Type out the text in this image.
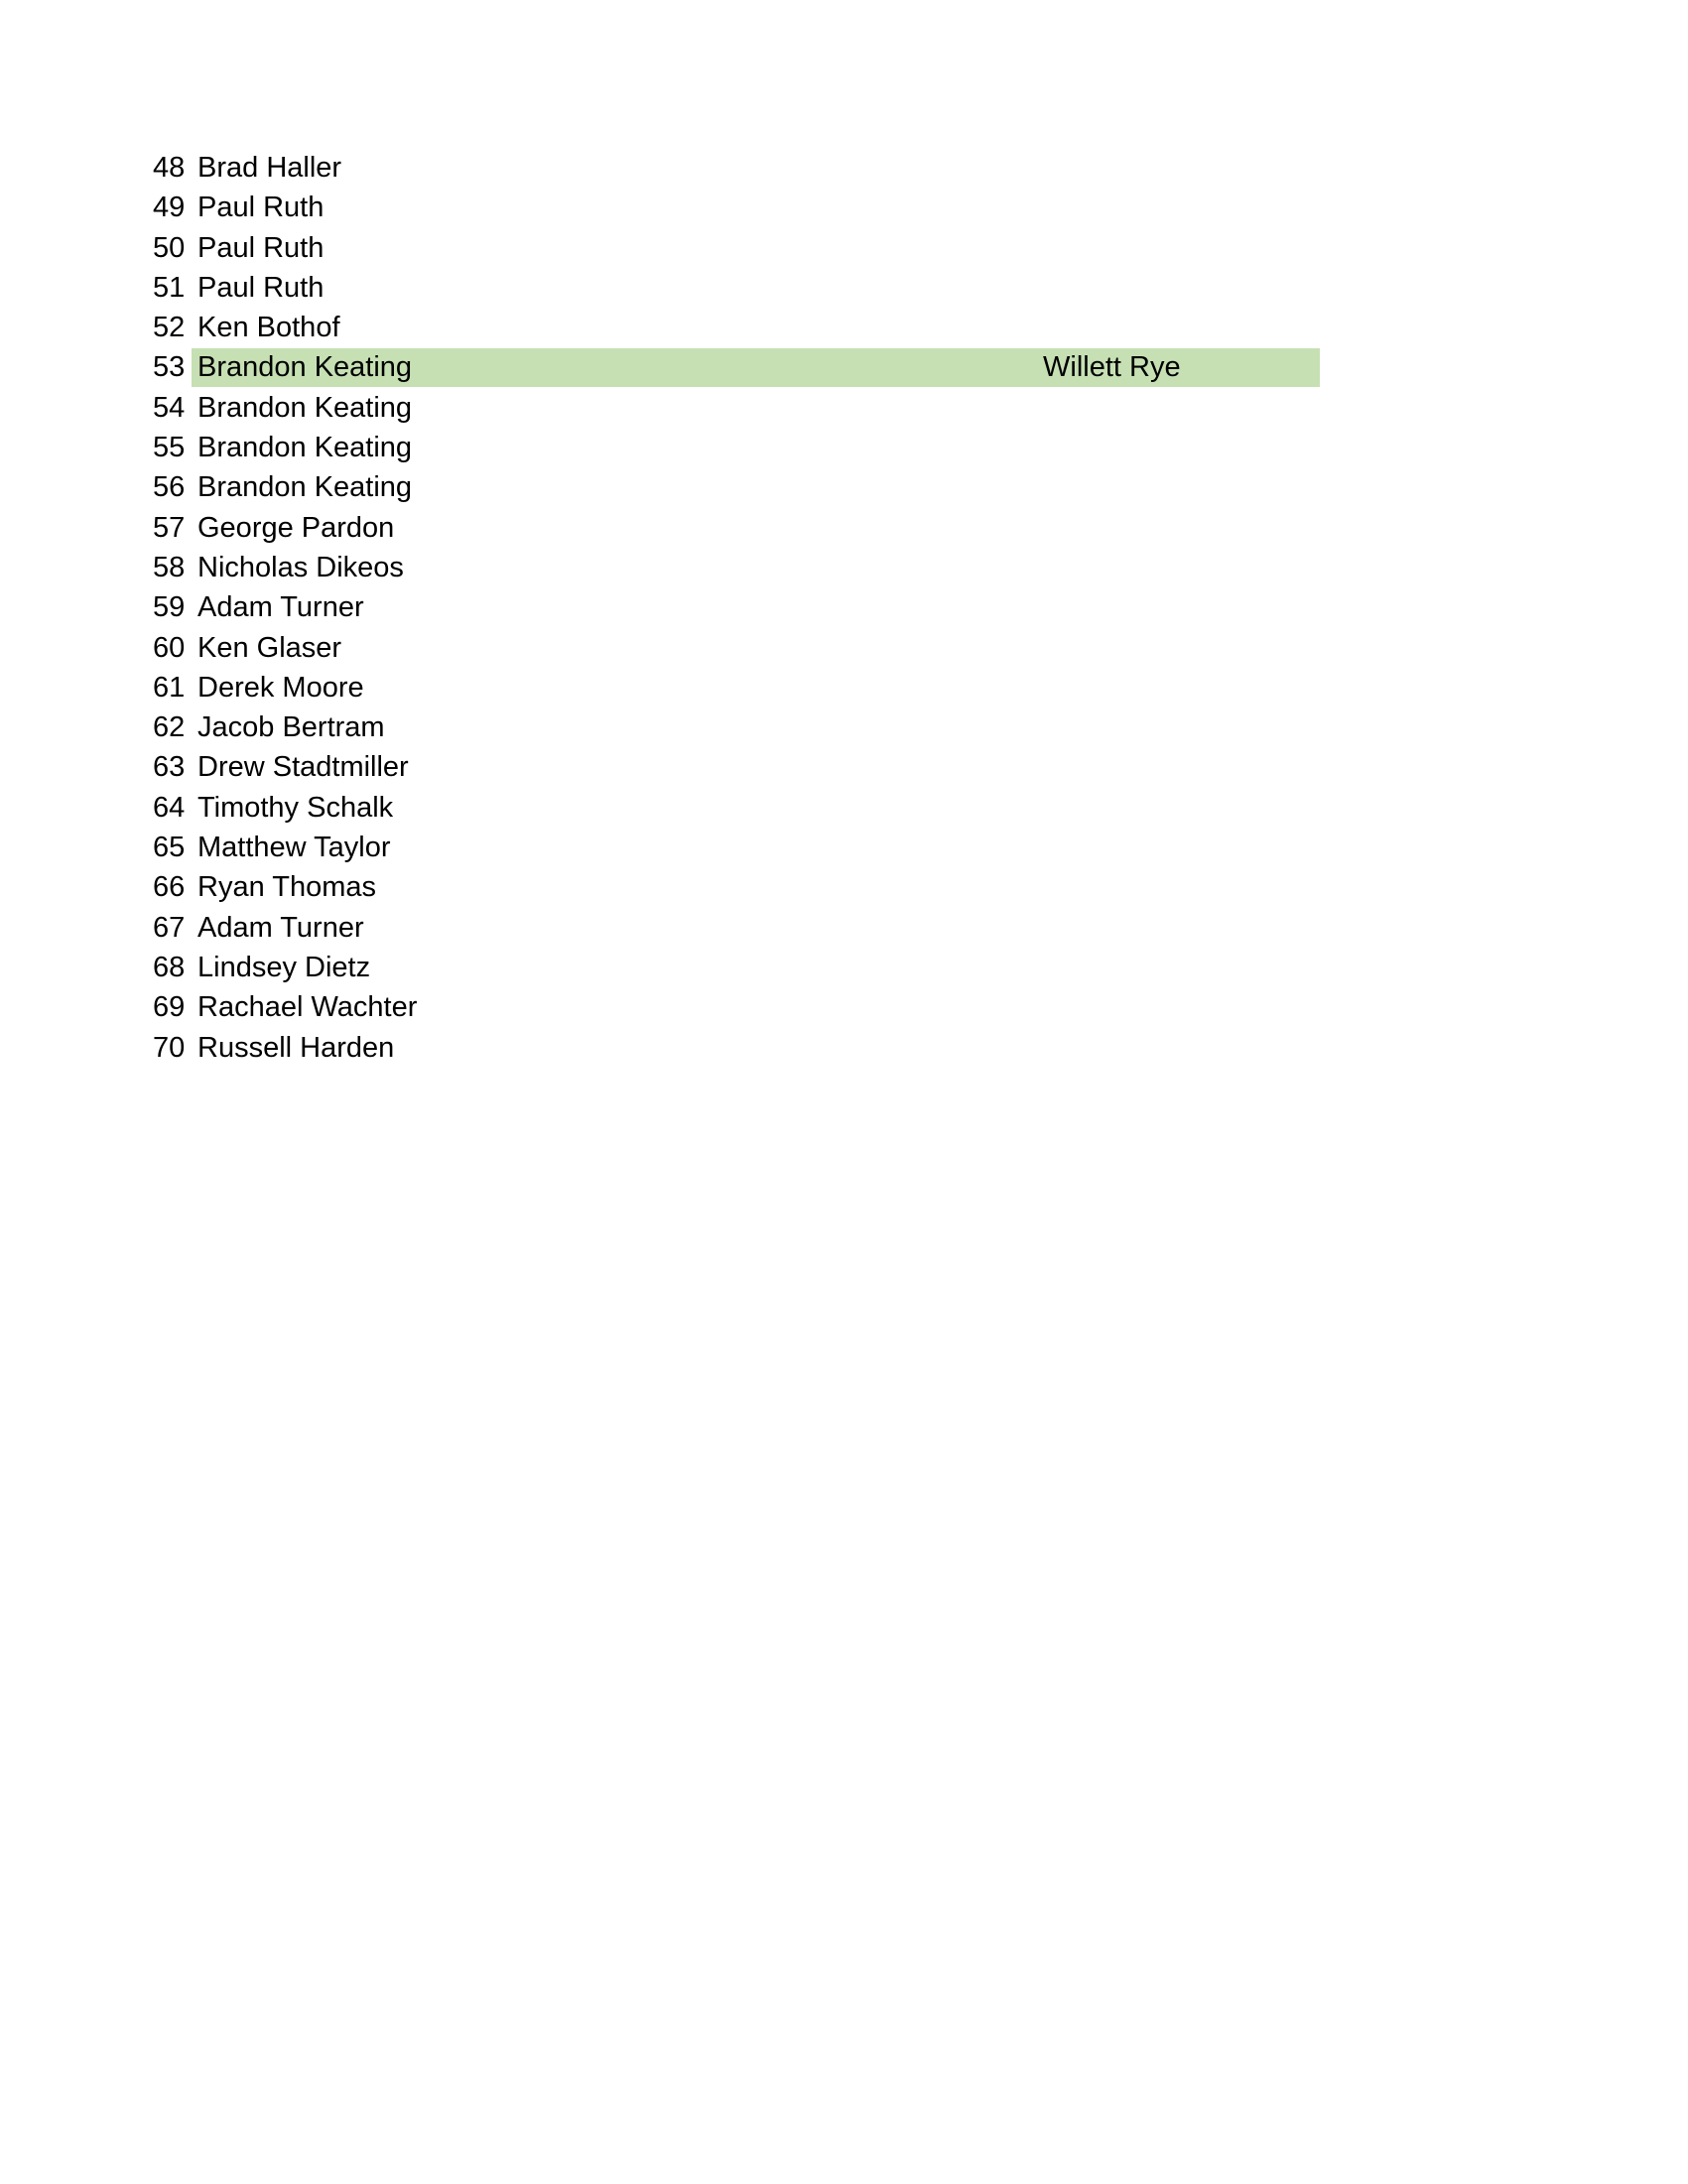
48 Brad Haller
49 Paul Ruth
50 Paul Ruth
51 Paul Ruth
52 Ken Bothof
53 Brandon Keating	Willett Rye
54 Brandon Keating
55 Brandon Keating
56 Brandon Keating
57 George Pardon
58 Nicholas Dikeos
59 Adam Turner
60 Ken Glaser
61 Derek Moore
62 Jacob Bertram
63 Drew Stadtmiller
64 Timothy Schalk
65 Matthew Taylor
66 Ryan Thomas
67 Adam Turner
68 Lindsey Dietz
69 Rachael Wachter
70 Russell Harden
